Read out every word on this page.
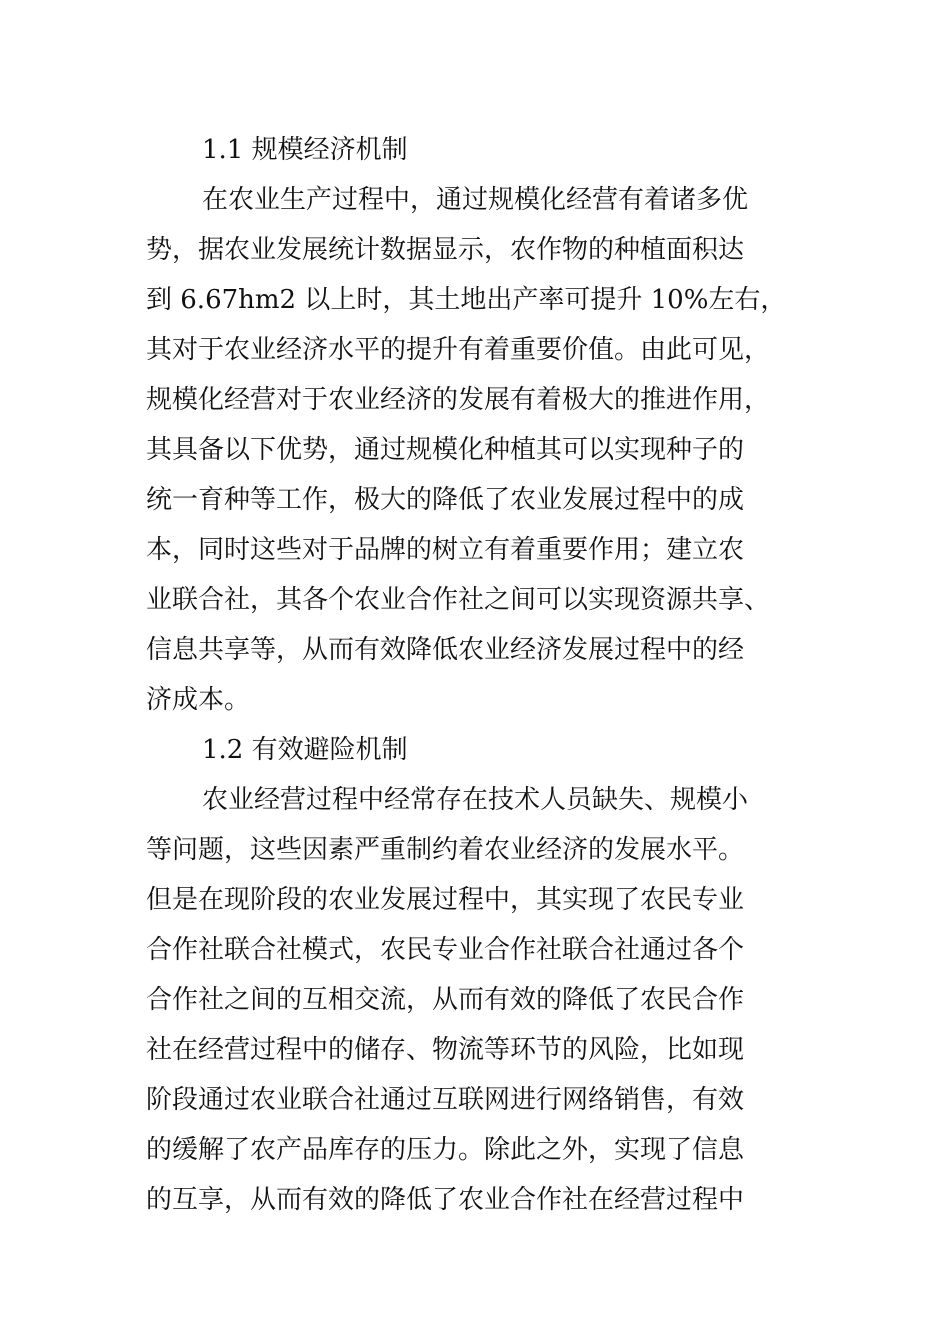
1.1 规模经济机制

在农业生产过程中，通过规模化经营有着诸多优

势，据农业发展统计数据显示，农作物的种植面积达

到 6.67hm2 以上时，其土地出产率可提升 10%左右，

其对于农业经济水平的提升有着重要价值。由此可见，

规模化经营对于农业经济的发展有着极大的推进作用，

其具备以下优势，通过规模化种植其可以实现种子的

统一育种等工作，极大的降低了农业发展过程中的成

本，同时这些对于品牌的树立有着重要作用；建立农

业联合社，其各个农业合作社之间可以实现资源共享、

信息共享等，从而有效降低农业经济发展过程中的经

济成本。

1.2 有效避险机制

农业经营过程中经常存在技术人员缺失、规模小

等问题，这些因素严重制约着农业经济的发展水平。

但是在现阶段的农业发展过程中，其实现了农民专业

合作社联合社模式，农民专业合作社联合社通过各个

合作社之间的互相交流，从而有效的降低了农民合作

社在经营过程中的储存、物流等环节的风险，比如现

阶段通过农业联合社通过互联网进行网络销售，有效

的缓解了农产品库存的压力。除此之外，实现了信息

的互享，从而有效的降低了农业合作社在经营过程中
